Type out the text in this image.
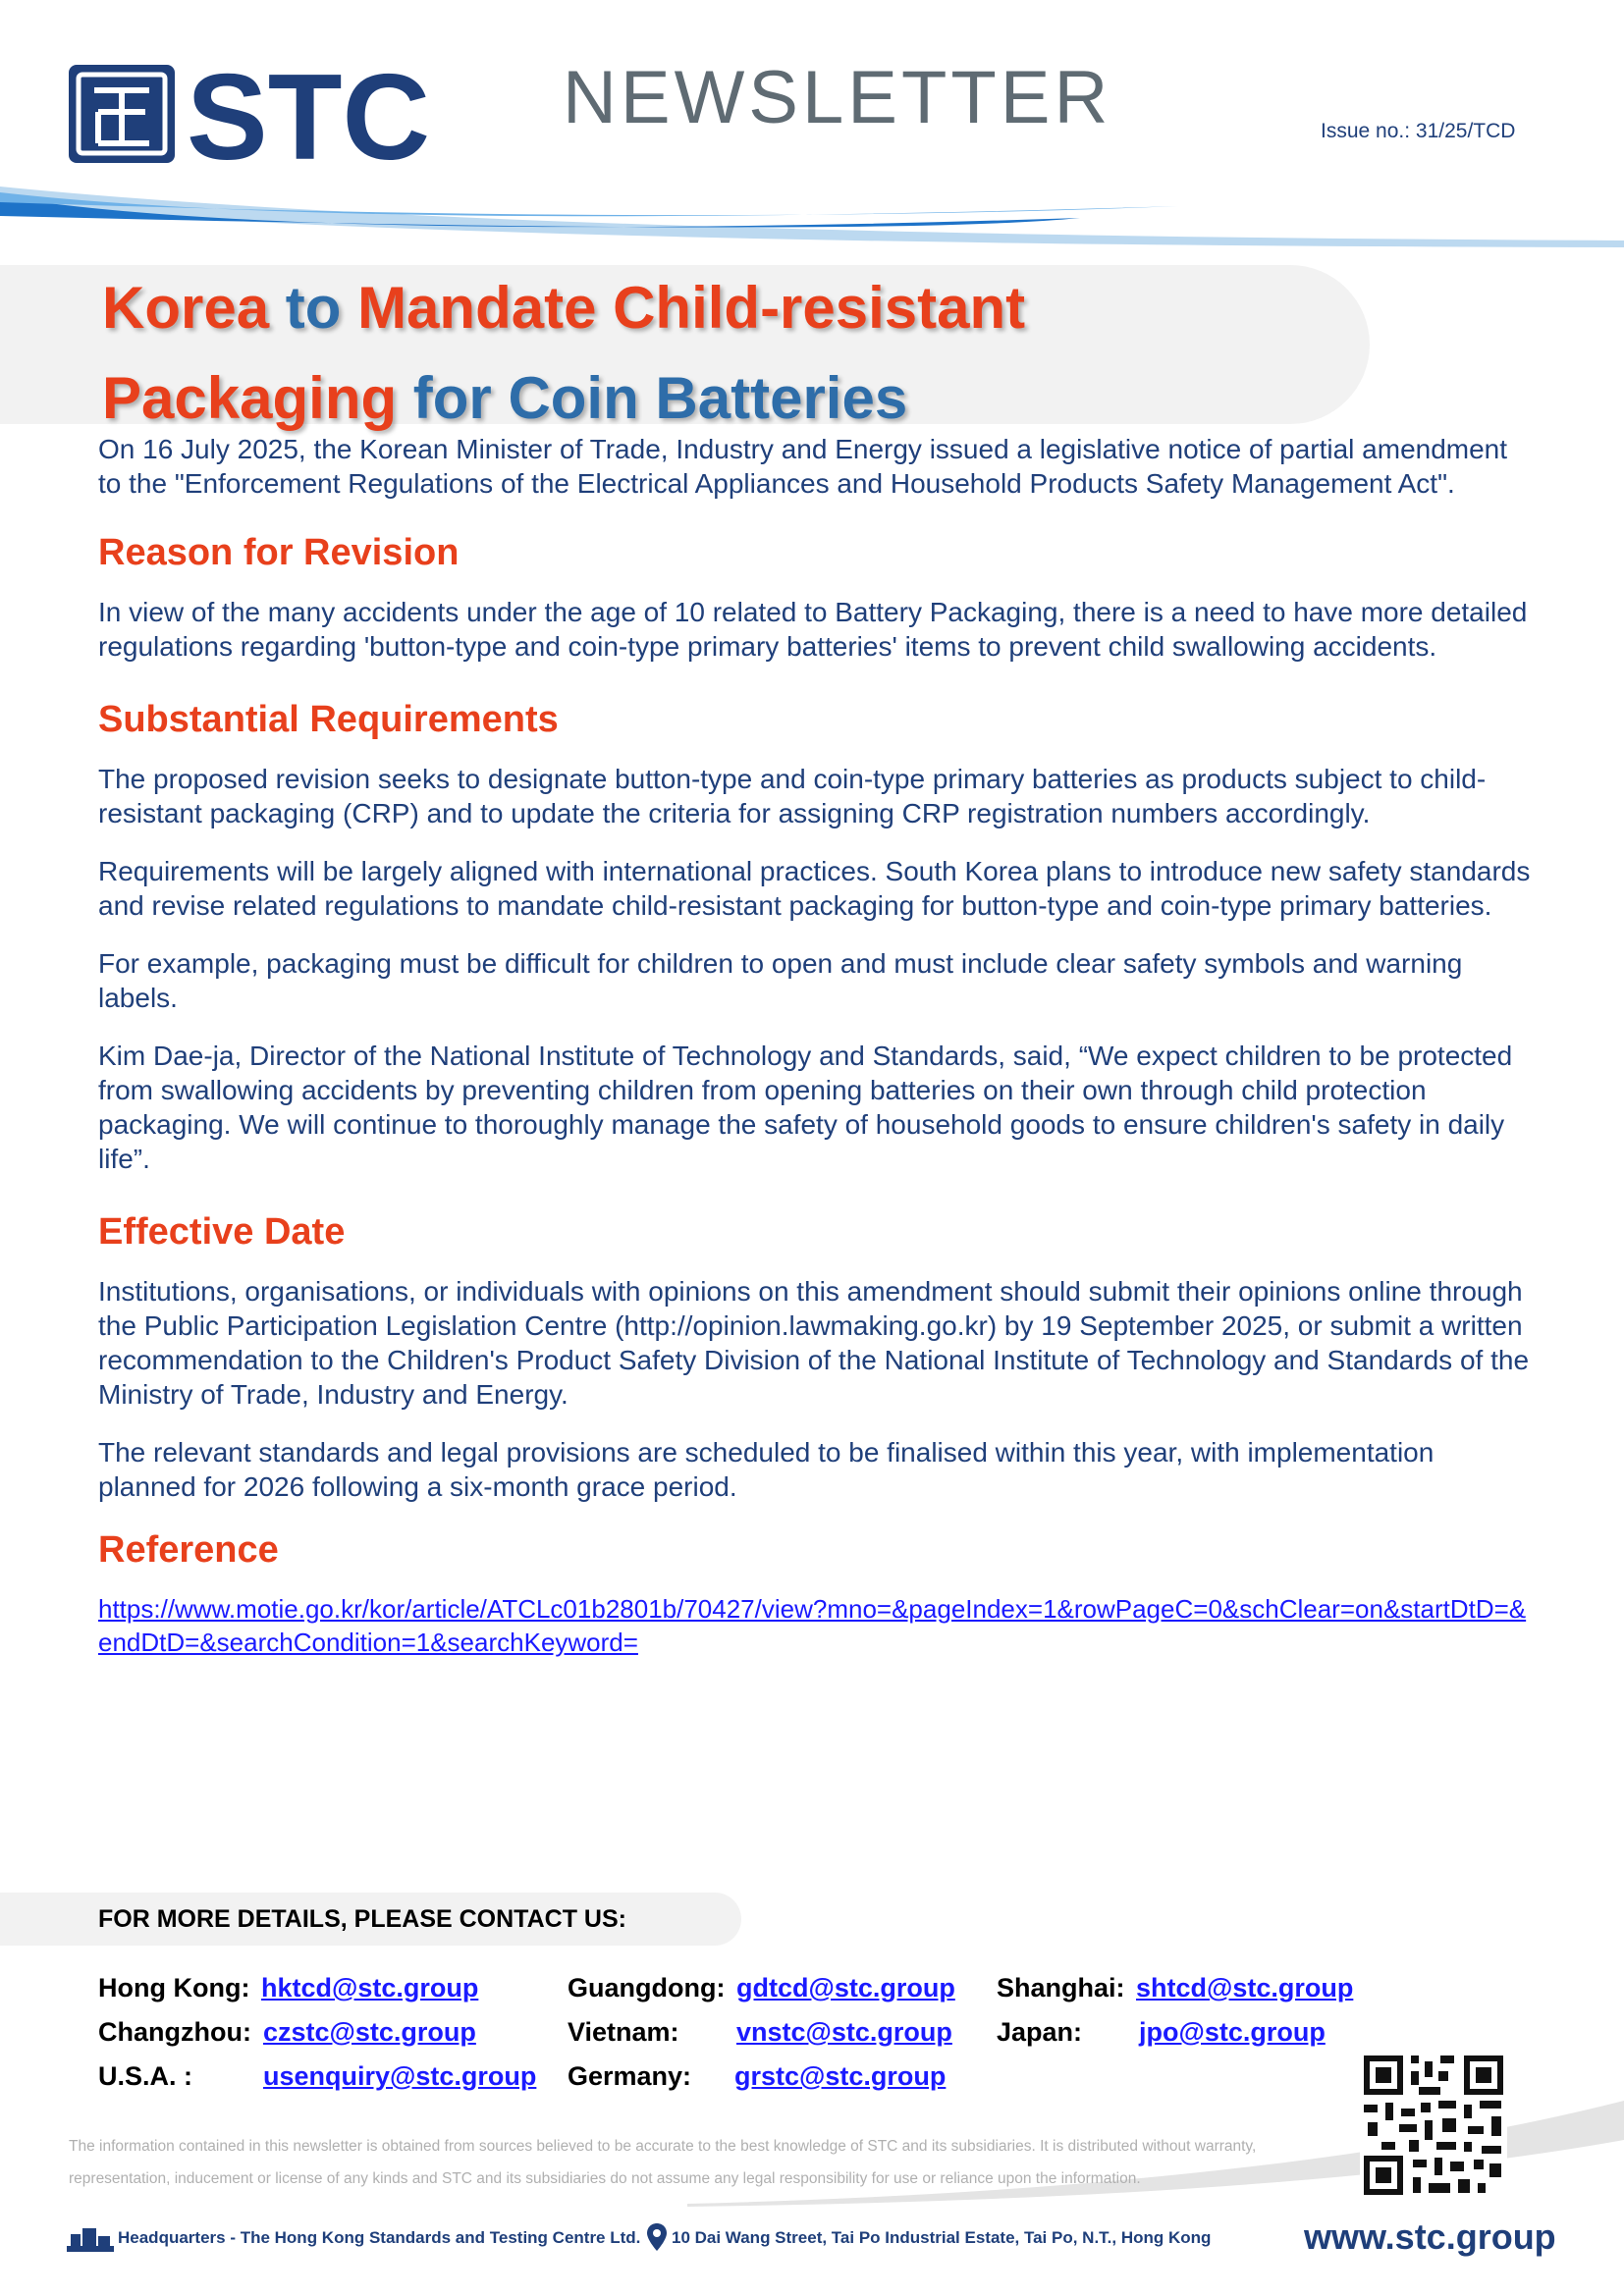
STC NEWSLETTER	Issue no.: 31/25/TCD
Korea to Mandate Child-resistant
Packaging for Coin Batteries

On 16 July 2025, the Korean Minister of Trade, Industry and Energy issued a legislative notice of partial amendment to the "Enforcement Regulations of the Electrical Appliances and Household Products Safety Management Act".

Reason for Revision

In view of the many accidents under the age of 10 related to Battery Packaging, there is a need to have more detailed regulations regarding 'button-type and coin-type primary batteries' items to prevent child swallowing accidents.

Substantial Requirements

The proposed revision seeks to designate button-type and coin-type primary batteries as products subject to child-resistant packaging (CRP) and to update the criteria for assigning CRP registration numbers accordingly.

Requirements will be largely aligned with international practices. South Korea plans to introduce new safety standards and revise related regulations to mandate child-resistant packaging for button-type and coin-type primary batteries.

For example, packaging must be difficult for children to open and must include clear safety symbols and warning labels.

Kim Dae-ja, Director of the National Institute of Technology and Standards, said, “We expect children to be protected from swallowing accidents by preventing children from opening batteries on their own through child protection packaging. We will continue to thoroughly manage the safety of household goods to ensure children's safety in daily life”.

Effective Date

Institutions, organisations, or individuals with opinions on this amendment should submit their opinions online through the Public Participation Legislation Centre (http://opinion.lawmaking.go.kr) by 19 September 2025, or submit a written recommendation to the Children's Product Safety Division of the National Institute of Technology and Standards of the Ministry of Trade, Industry and Energy.

The relevant standards and legal provisions are scheduled to be finalised within this year, with implementation planned for 2026 following a six-month grace period.

Reference
https://www.motie.go.kr/kor/article/ATCLc01b2801b/70427/view?mno=&pageIndex=1&rowPageC=0&schClear=on&startDtD=&endDtD=&searchCondition=1&searchKeyword=
FOR MORE DETAILS, PLEASE CONTACT US:
Hong Kong: hktcd@stc.group	Guangdong: gdtcd@stc.group Shanghai: shtcd@stc.group
Changzhou: czstc@stc.group	Vietnam: vnstc@stc.group Japan: jpo@stc.group
U.S.A. :	usenquiry@stc.group Germany: grstc@stc.group
The information contained in this newsletter is obtained from sources believed to be accurate to the best knowledge of STC and its subsidiaries. It is distributed without warranty, representation, inducement or license of any kinds and STC and its subsidiaries do not assume any legal responsibility for use or reliance upon the information.
Headquarters - The Hong Kong Standards and Testing Centre Ltd. 10 Dai Wang Street, Tai Po Industrial Estate, Tai Po, N.T., Hong Kong	www.stc.group
